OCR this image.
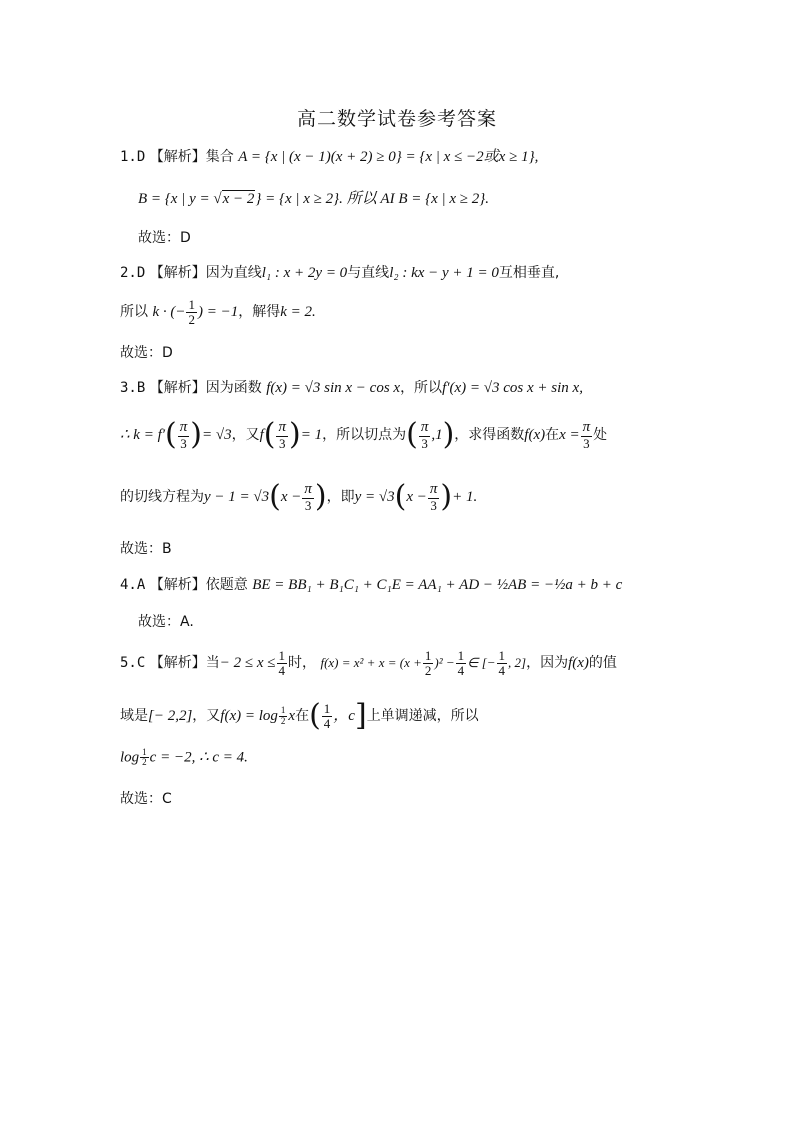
高二数学试卷参考答案
1.D 【解析】集合 A = {x | (x − 1)(x + 2) ≥ 0} = {x | x ≤ −2或x ≥ 1},
B = {x | y = √x − 2} = {x | x ≥ 2}. 所以 AI B = {x | x ≥ 2}.
故选：D
2.D 【解析】因为直线l₁ : x + 2y = 0与直线l₂ : kx − y + 1 = 0互相垂直,
所以 k · (− $\frac{1}{2}$ ) = −1，解得k = 2.
故选：D
3.B 【解析】因为函数 f(x) = √3 sin x − cos x，所以f′(x) = √3 cos x + sin x,
∴ $k = f'( \frac{\pi}{3}$ )= √3，又$f( \frac{\pi}{3}$ )= 1，所以切点为( $\frac{\pi}{3} ,1$)，求得函数f(x)在$x = \frac{\pi}{3}$ 处
的切线方程为$y - 1 = √3(x - \frac{\pi}{3}$ )，即$y = √3(x - \frac{\pi}{3}$ )+ 1.
故选：B
4.A 【解析】依题意 BE = BB₁ + B₁C₁ + C₁E = AA₁ + AD − ½AB = −½a + b + c
故选：A.
5.C 【解析】当− $2 \le x \le \frac{1}{4}$ 时， $f(x) = x^2 + x = (x + \frac{1}{2} )^2 - \frac{1}{4}$ ∈ [− $\frac{1}{4}$ , 2]，因为f(x)的值
域是[− 2,2]，又$f(x) = \log \frac{1}{2}$ x在( $\frac{1}{4}$ ，c]上单调递减，所以
$\log \frac{1}{2}$ c = −2, ∴ c = 4.
故选：C
